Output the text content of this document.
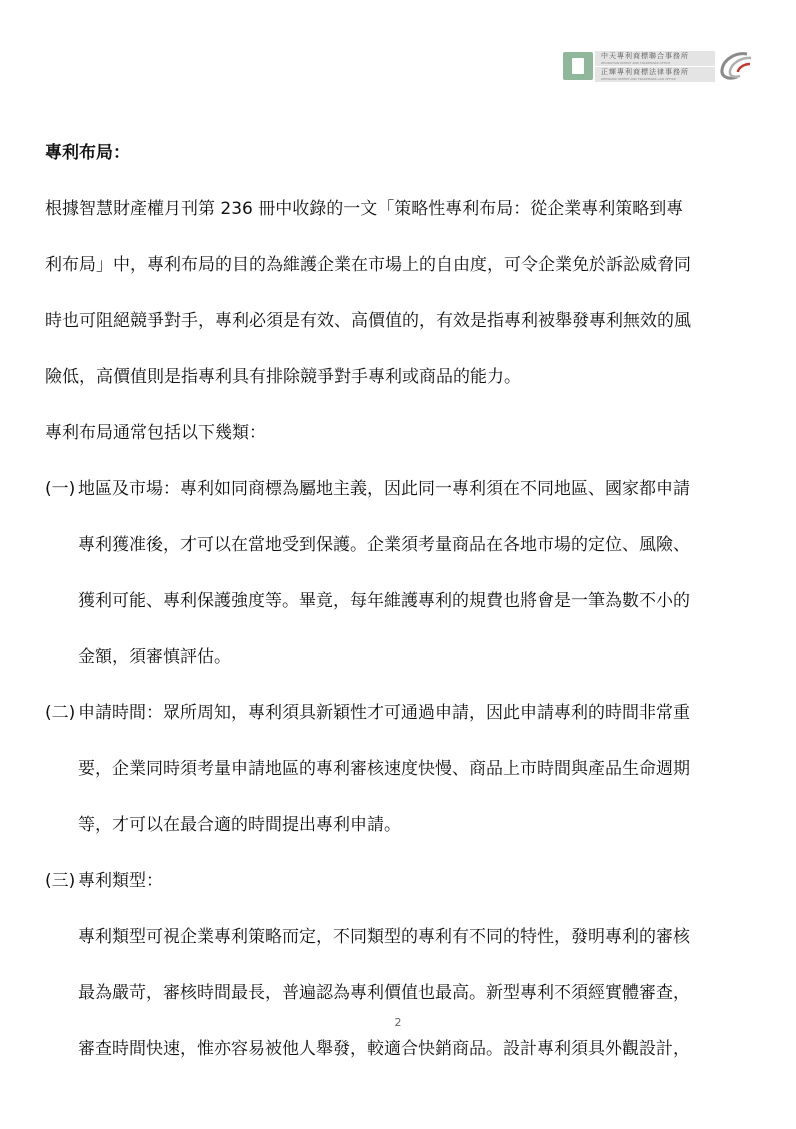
中天專利商標聯合事務所
ZHONGTIAN PATENT AND TRADEMARK OFFICE
正輝專利商標法律事務所
ZHENGHUI PATENT AND TRADEMARK LAW OFFICE
專利布局：
根據智慧財產權月刊第 236 冊中收錄的一文「策略性專利布局：從企業專利策略到專
利布局」中，專利布局的目的為維護企業在市場上的自由度，可令企業免於訴訟威脅同
時也可阻絕競爭對手，專利必須是有效、高價值的，有效是指專利被舉發專利無效的風
險低，高價值則是指專利具有排除競爭對手專利或商品的能力。
專利布局通常包括以下幾類：
(一) 地區及市場：專利如同商標為屬地主義，因此同一專利須在不同地區、國家都申請
專利獲准後，才可以在當地受到保護。企業須考量商品在各地市場的定位、風險、
獲利可能、專利保護強度等。畢竟，每年維護專利的規費也將會是一筆為數不小的
金額，須審慎評估。
(二) 申請時間：眾所周知，專利須具新穎性才可通過申請，因此申請專利的時間非常重
要，企業同時須考量申請地區的專利審核速度快慢、商品上市時間與產品生命週期
等，才可以在最合適的時間提出專利申請。
(三) 專利類型：
專利類型可視企業專利策略而定，不同類型的專利有不同的特性，發明專利的審核
最為嚴苛，審核時間最長，普遍認為專利價值也最高。新型專利不須經實體審查，
審查時間快速，惟亦容易被他人舉發，較適合快銷商品。設計專利須具外觀設計，
2
